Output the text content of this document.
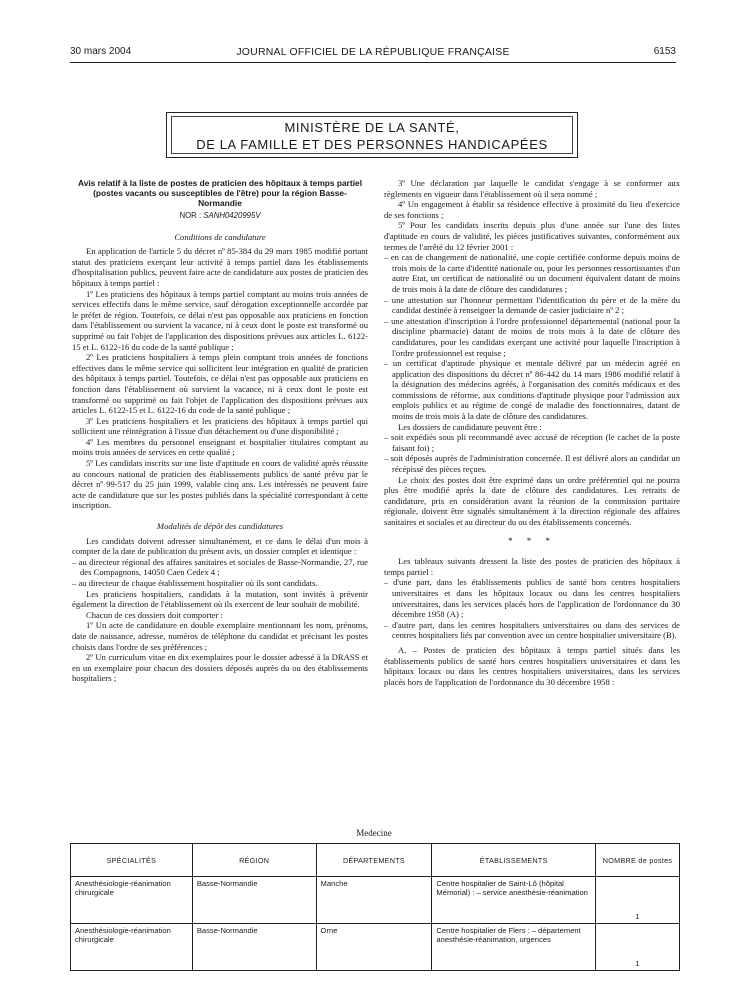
30 mars 2004	JOURNAL OFFICIEL DE LA RÉPUBLIQUE FRANÇAISE	6153
MINISTÈRE DE LA SANTÉ,
DE LA FAMILLE ET DES PERSONNES HANDICAPÉES

Avis relatif à la liste de postes de praticien des hôpitaux à temps partiel (postes vacants ou susceptibles de l'être) pour la région Basse-Normandie

NOR : SANH0420995V

Conditions de candidature

En application de l'article 5 du décret nº 85-384 du 29 mars 1985 modifié portant statut des praticiens exerçant leur activité à temps partiel dans les établissements d'hospitalisation publics, peuvent faire acte de candidature aux postes de praticien des hôpitaux à temps partiel :

1º Les praticiens des hôpitaux à temps partiel comptant au moins trois années de services effectifs dans le même service, sauf dérogation exceptionnelle accordée par le préfet de région. Toutefois, ce délai n'est pas opposable aux praticiens en fonction dans l'établissement ou survient la vacance, ni à ceux dont le poste est transformé ou supprimé ou fait l'objet de l'application des dispositions prévues aux articles L. 6122-15 et L. 6122-16 du code de la santé publique ;

2º Les praticiens hospitaliers à temps plein comptant trois années de fonctions effectives dans le même service qui sollicitent leur intégration en qualité de praticien des hôpitaux à temps partiel. Toutefois, ce délai n'est pas opposable aux praticiens en fonction dans l'établissement où survient la vacance, ni à ceux dont le poste est transformé ou supprimé ou fait l'objet de l'application des dispositions prévues aux articles L. 6122-15 et L. 6122-16 du code de la santé publique ;

3º Les praticiens hospitaliers et les praticiens des hôpitaux à temps partiel qui sollicitent une réintégration à l'issue d'un détachement ou d'une disponibilité ;

4º Les membres du personnel enseignant et hospitalier titulaires comptant au moins trois années de services en cette qualité ;

5º Les candidats inscrits sur une liste d'aptitude en cours de validité après réussite au concours national de praticien des établissements publics de santé prévu par le décret nº 99-517 du 25 juin 1999, valable cinq ans. Les intéressés ne peuvent faire acte de candidature que sur les postes publiés dans la spécialité correspondant à cette inscription.

Modalités de dépôt des candidatures

Les candidats doivent adresser simultanément, et ce dans le délai d'un mois à compter de la date de publication du présent avis, un dossier complet et identique :

– au directeur régional des affaires sanitaires et sociales de Basse-Normandie, 27, rue des Compagnons, 14050 Caen Cedex 4 ;

– au directeur de chaque établissement hospitalier où ils sont candidats.

Les praticiens hospitaliers, candidats à la mutation, sont invités à prévenir également la direction de l'établissement où ils exercent de leur souhait de mobilité.

Chacun de ces dossiers doit comporter :

1º Un acte de candidature en double exemplaire mentionnant les nom, prénoms, date de naissance, adresse, numéros de téléphone du candidat et précisant les postes choisis dans l'ordre de ses préférences ;

2º Un curriculum vitae en dix exemplaires pour le dossier adressé à la DRASS et en un exemplaire pour chacun des dossiers déposés auprès du ou des établissements hospitaliers ;

3º Une déclaration par laquelle le candidat s'engage à se conformer aux règlements en vigueur dans l'établissement où il sera nommé ;

4º Un engagement à établir sa résidence effective à proximité du lieu d'exercice de ses fonctions ;

5º Pour les candidats inscrits depuis plus d'une année sur l'une des listes d'aptitude en cours de validité, les pièces justificatives suivantes, conformément aux termes de l'arrêté du 12 février 2001 :

– en cas de changement de nationalité, une copie certifiée conforme depuis moins de trois mois de la carte d'identité nationale ou, pour les personnes ressortissantes d'un autre Etat, un certificat de nationalité ou un document équivalent datant de moins de trois mois à la date de clôture des candidatures ;

– une attestation sur l'honneur permettant l'identification du père et de la mère du candidat destinée à renseigner la demande de casier judiciaire nº 2 ;

– une attestation d'inscription à l'ordre professionnel départemental (national pour la discipline pharmacie) datant de moins de trois mois à la date de clôture des candidatures, pour les candidats exerçant une activité pour laquelle l'inscription à l'ordre professionnel est requise ;

– un certificat d'aptitude physique et mentale délivré par un médecin agréé en application des dispositions du décret nº 86-442 du 14 mars 1986 modifié relatif à la désignation des médecins agréés, à l'organisation des comités médicaux et des commissions de réforme, aux conditions d'aptitude physique pour l'admission aux emplois publics et au régime de congé de maladie des fonctionnaires, datant de moins de trois mois à la date de clôture des candidatures.

Les dossiers de candidature peuvent être :

– soit expédiés sous pli recommandé avec accusé de réception (le cachet de la poste faisant foi) ;

– soit déposés auprès de l'administration concernée. Il est délivré alors au candidat un récépissé des pièces reçues.

Le choix des postes doit être exprimé dans un ordre préférentiel qui ne pourra plus être modifié après la date de clôture des candidatures. Les retraits de candidature, pris en considération avant la réunion de la commission paritaire régionale, doivent être signalés simultanément à la direction régionale des affaires sanitaires et sociales et au directeur du ou des établissements concernés.

* * *

Les tableaux suivants dressent la liste des postes de praticien des hôpitaux à temps partiel :

– d'une part, dans les établissements publics de santé hors centres hospitaliers universitaires et dans les hôpitaux locaux ou dans les centres hospitaliers universitaires, dans les services placés hors de l'application de l'ordonnance du 30 décembre 1958 (A) ;

– d'autre part, dans les centres hospitaliers universitaires ou dans des services de centres hospitaliers liés par convention avec un centre hospitalier universitaire (B).

A. – Postes de praticien des hôpitaux à temps partiel situés dans les établissements publics de santé hors centres hospitaliers universitaires et dans les hôpitaux locaux ou dans les centres hospitaliers universitaires, dans les services placés hors de l'application de l'ordonnance du 30 décembre 1958 :

Medecine
SPÉCIALITÉS	RÉGION	DÉPARTEMENTS	ÉTABLISSEMENTS	NOMBRE de postes
Anesthésiologie-réanimation chirurgicale	Basse-Normandie	Manche	Centre hospitalier de Saint-Lô (hôpital Mémorial) : – service anesthésie-réanimation	1
Anesthésiologie-réanimation chirurgicale	Basse-Normandie	Orne	Centre hospitalier de Flers : – département anesthésie-réanimation, urgences	1
